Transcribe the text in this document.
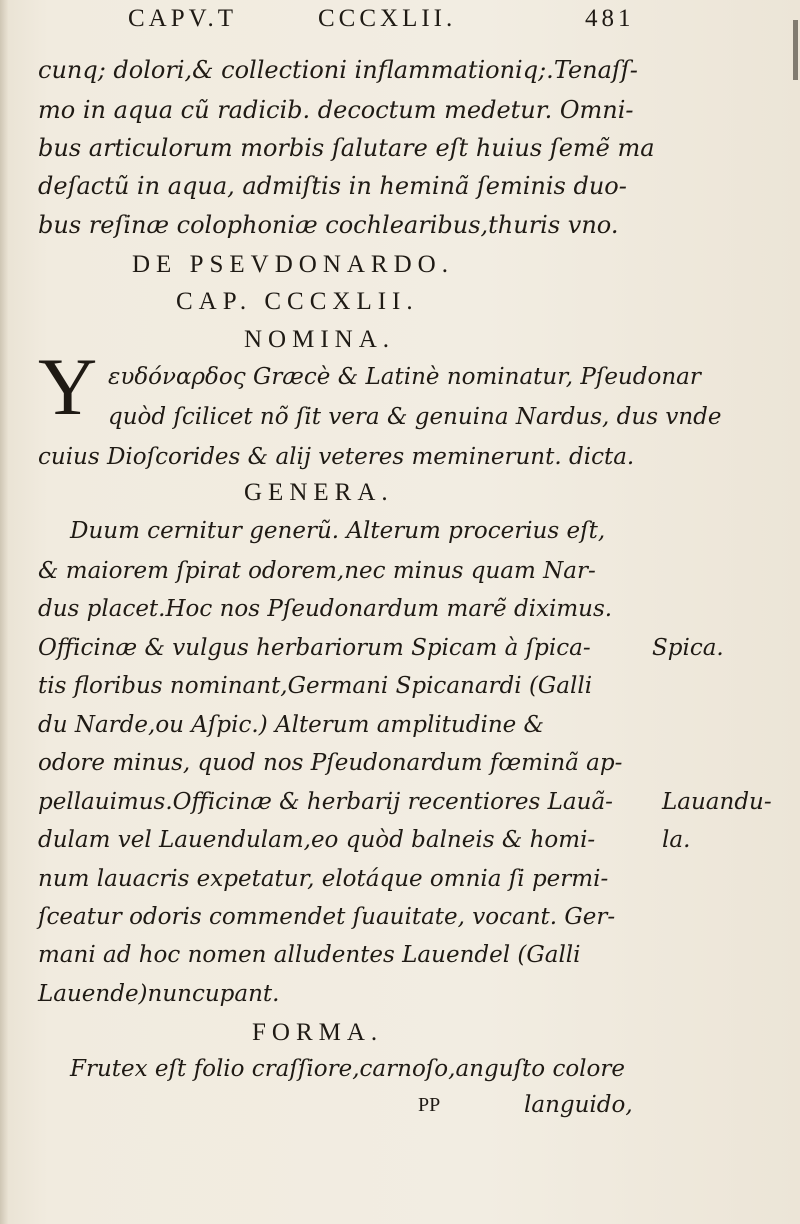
CAPV.T	CCCXLII.	481
cunq; dolori,& collectioni inflammationiq;.Tenaſſ-
mo in aqua cũ radicib. decoctum medetur. Omni-
bus articulorum morbis ſalutare eſt huius ſemẽ ma
deſactũ in aqua, admiſtis in heminã ſeminis duo-
bus reſinæ colophoniæ cochlearibus,thuris vno.
DE PSEVDONARDO.
CAP. CCCXLII.
NOMINA.
Y ευδόναρδος Græcè & Latinè nominatur, Pſeudonar
quòd ſcilicet nõ ſit vera & genuina Nardus, dus vnde
cuius Dioſcorides & alij veteres meminerunt. dicta.
GENERA.
Duum cernitur generũ. Alterum procerius eſt,
& maiorem ſpirat odorem,nec minus quam Nar-
dus placet.Hoc nos Pſeudonardum marẽ diximus.
Officinæ & vulgus herbariorum Spicam à ſpica-
tis floribus nominant,Germani Spicanardi (Galli
du Narde,ou Aſpic.) Alterum amplitudine &
odore minus, quod nos Pſeudonardum fœminã ap-
pellauimus.Officinæ & herbarij recentiores Lauã-
dulam vel Lauendulam,eo quòd balneis & homi-
num lauacris expetatur, elotáque omnia ſi permi-
ſceatur odoris commendet ſuauitate, vocant. Ger-
mani ad hoc nomen alludentes Lauendel (Galli
Lauende)nuncupant.
Spica.
Lauandu-
la.
FORMA.
Frutex eſt folio craſſiore,carnoſo,anguſto colore
PP	languido,
